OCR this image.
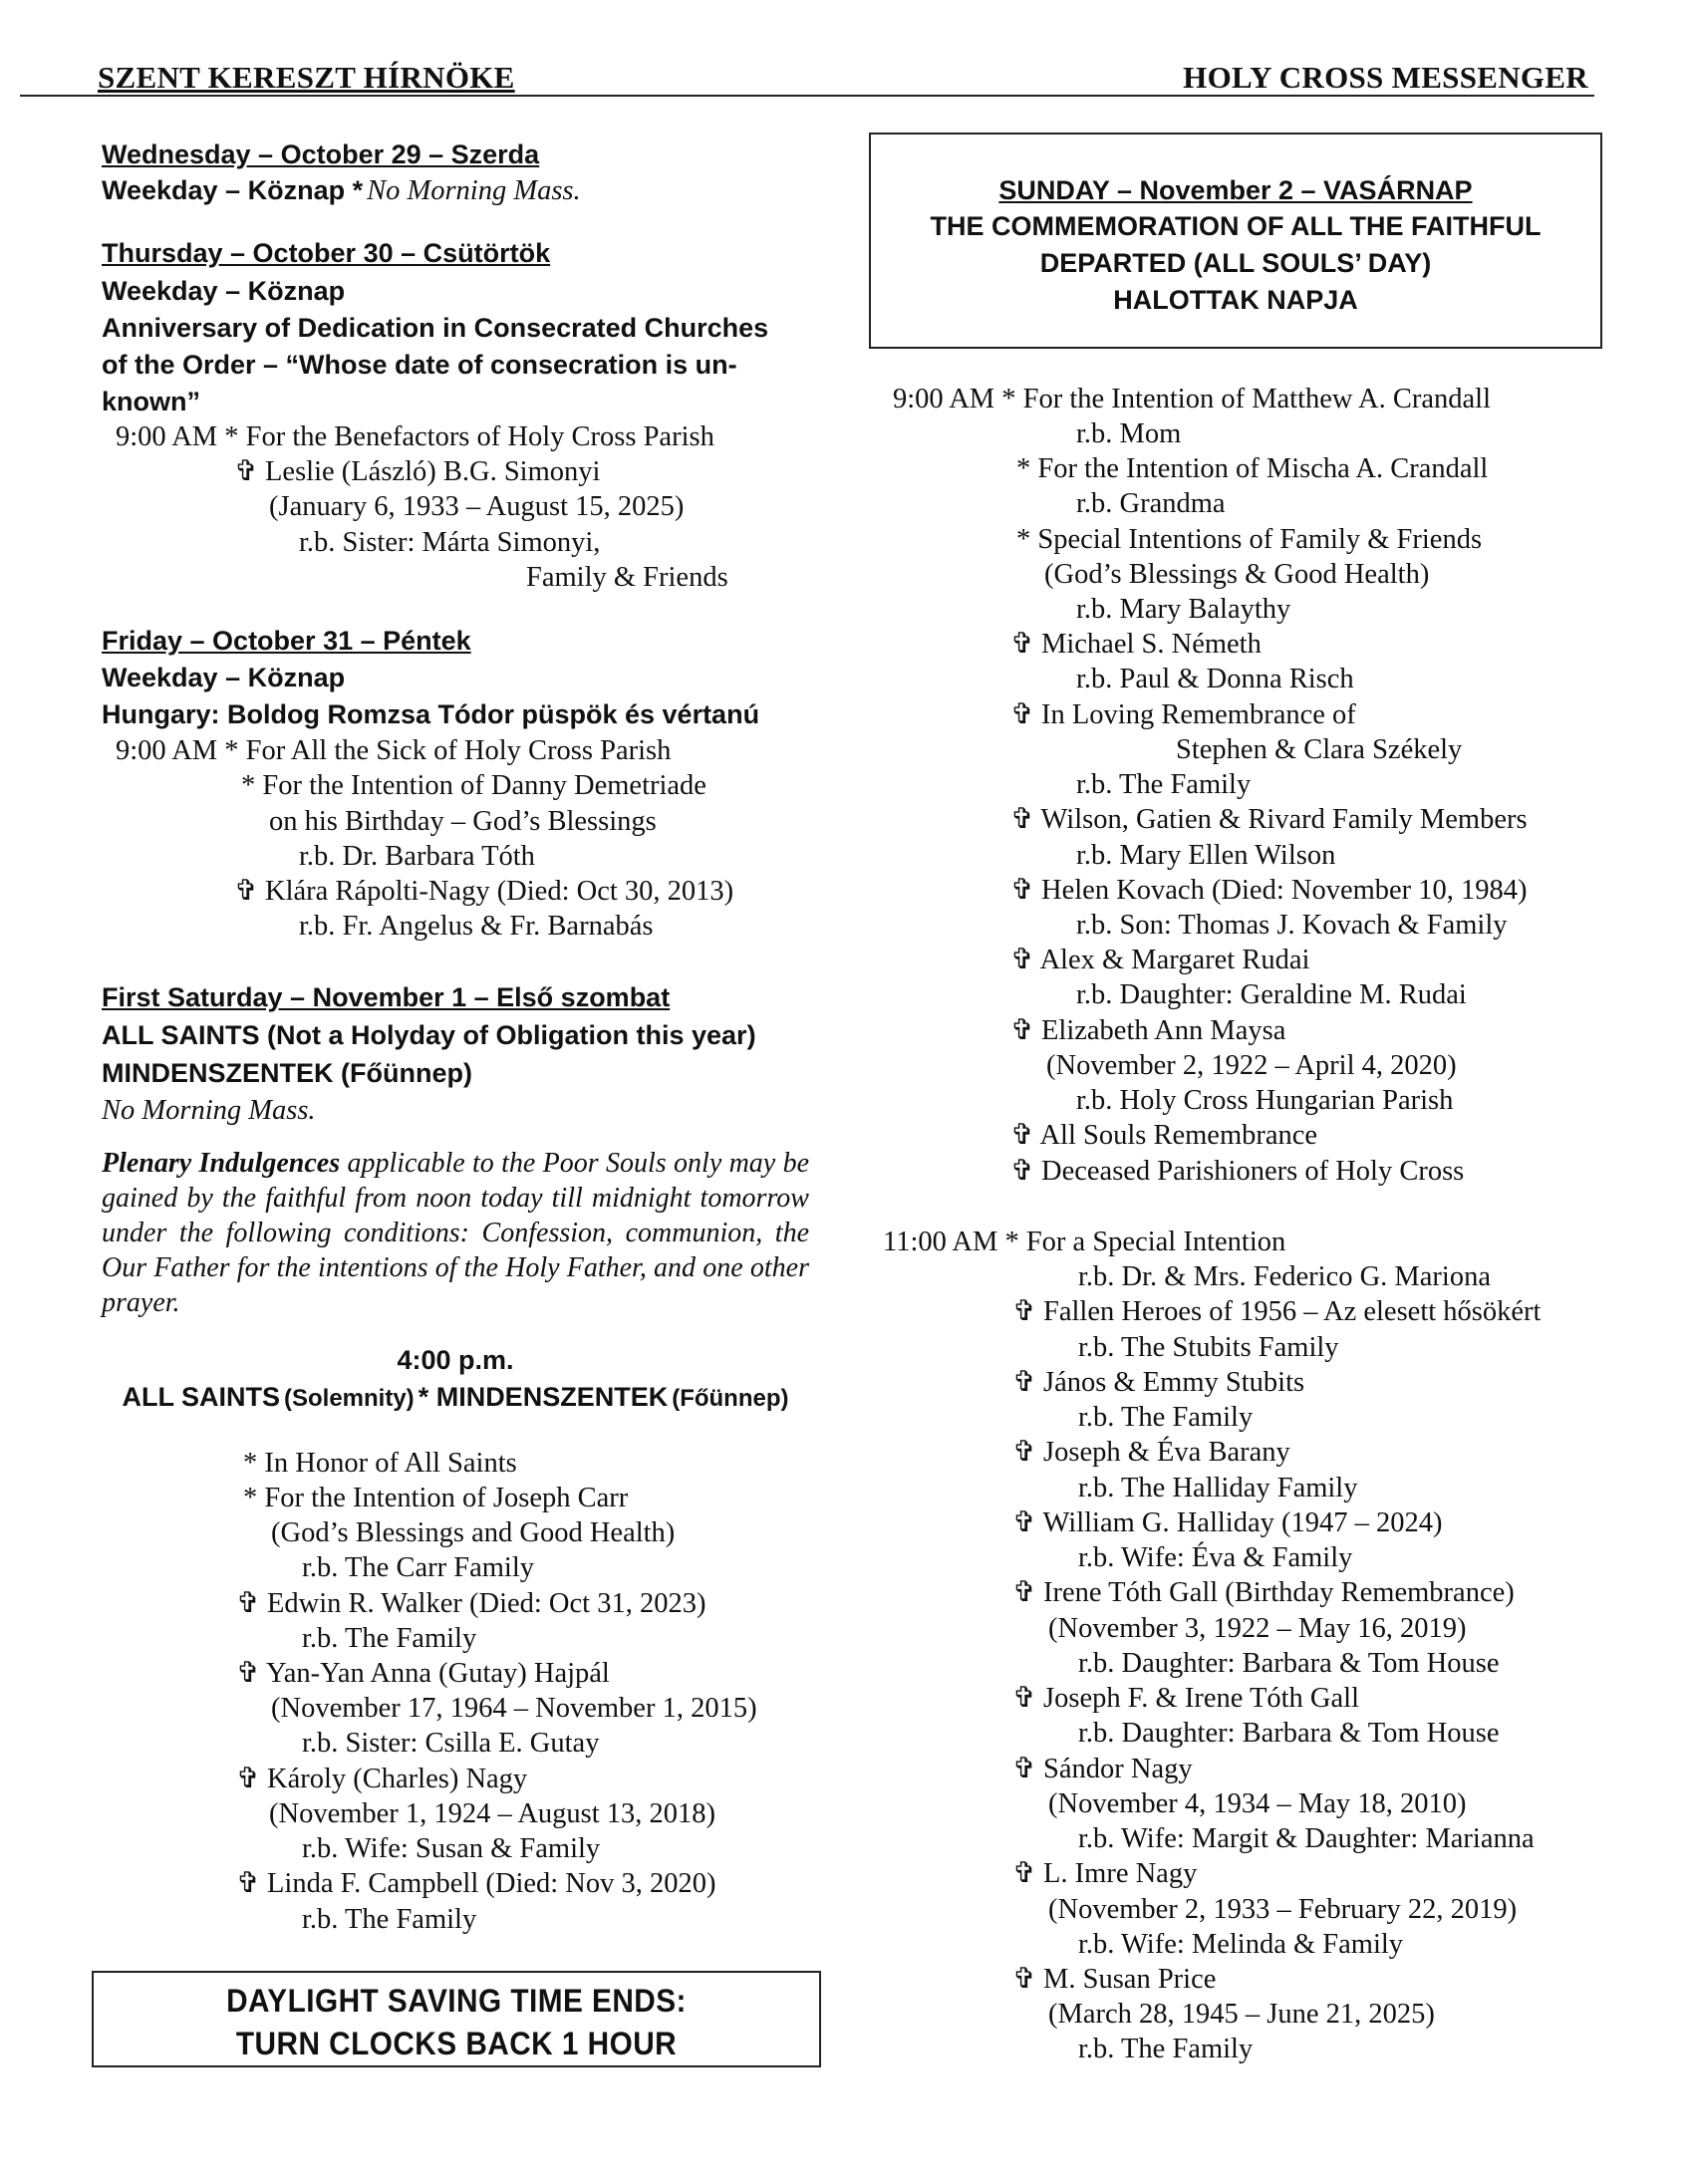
SZENT KERESZT HÍRNÖKE	HOLY CROSS MESSENGER
Wednesday – October 29 – Szerda
Weekday – Köznap * No Morning Mass.
Thursday – October 30 – Csütörtök
Weekday – Köznap
Anniversary of Dedication in Consecrated Churches
of the Order – “Whose date of consecration is un-
known”
9:00 AM * For the Benefactors of Holy Cross Parish
✞ Leslie (László) B.G. Simonyi
(January 6, 1933 – August 15, 2025)
r.b. Sister: Márta Simonyi,
Family & Friends
Friday – October 31 – Péntek
Weekday – Köznap
Hungary: Boldog Romzsa Tódor püspök és vértanú
9:00 AM * For All the Sick of Holy Cross Parish
* For the Intention of Danny Demetriade
on his Birthday – God’s Blessings
r.b. Dr. Barbara Tóth
✞ Klára Rápolti-Nagy (Died: Oct 30, 2013)
r.b. Fr. Angelus & Fr. Barnabás
First Saturday – November 1 – Első szombat
ALL SAINTS (Not a Holyday of Obligation this year)
MINDENSZENTEK (Főünnep)
No Morning Mass.
Plenary Indulgences applicable to the Poor Souls only may be gained by the faithful from noon today till midnight tomorrow under the following conditions: Confession, communion, the Our Father for the intentions of the Holy Father, and one other prayer.
4:00 p.m.
ALL SAINTS (Solemnity) * MINDENSZENTEK (Főünnep)
* In Honor of All Saints
* For the Intention of Joseph Carr
(God’s Blessings and Good Health)
r.b. The Carr Family
✞ Edwin R. Walker (Died: Oct 31, 2023)
r.b. The Family
✞ Yan-Yan Anna (Gutay) Hajpál
(November 17, 1964 – November 1, 2015)
r.b. Sister: Csilla E. Gutay
✞ Károly (Charles) Nagy
(November 1, 1924 – August 13, 2018)
r.b. Wife: Susan & Family
✞ Linda F. Campbell (Died: Nov 3, 2020)
r.b. The Family
DAYLIGHT SAVING TIME ENDS:
TURN CLOCKS BACK 1 HOUR
SUNDAY – November 2 – VASÁRNAP
THE COMMEMORATION OF ALL THE FAITHFUL
DEPARTED (ALL SOULS’ DAY)
HALOTTAK NAPJA
9:00 AM * For the Intention of Matthew A. Crandall
r.b. Mom
* For the Intention of Mischa A. Crandall
r.b. Grandma
* Special Intentions of Family & Friends
(God’s Blessings & Good Health)
r.b. Mary Balaythy
✞ Michael S. Németh
r.b. Paul & Donna Risch
✞ In Loving Remembrance of
Stephen & Clara Székely
r.b. The Family
✞ Wilson, Gatien & Rivard Family Members
r.b. Mary Ellen Wilson
✞ Helen Kovach (Died: November 10, 1984)
r.b. Son: Thomas J. Kovach & Family
✞ Alex & Margaret Rudai
r.b. Daughter: Geraldine M. Rudai
✞ Elizabeth Ann Maysa
(November 2, 1922 – April 4, 2020)
r.b. Holy Cross Hungarian Parish
✞ All Souls Remembrance
✞ Deceased Parishioners of Holy Cross
11:00 AM * For a Special Intention
r.b. Dr. & Mrs. Federico G. Mariona
✞ Fallen Heroes of 1956 – Az elesett hősökért
r.b. The Stubits Family
✞ János & Emmy Stubits
r.b. The Family
✞ Joseph & Éva Barany
r.b. The Halliday Family
✞ William G. Halliday (1947 – 2024)
r.b. Wife: Éva & Family
✞ Irene Tóth Gall (Birthday Remembrance)
(November 3, 1922 – May 16, 2019)
r.b. Daughter: Barbara & Tom House
✞ Joseph F. & Irene Tóth Gall
r.b. Daughter: Barbara & Tom House
✞ Sándor Nagy
(November 4, 1934 – May 18, 2010)
r.b. Wife: Margit & Daughter: Marianna
✞ L. Imre Nagy
(November 2, 1933 – February 22, 2019)
r.b. Wife: Melinda & Family
✞ M. Susan Price
(March 28, 1945 – June 21, 2025)
r.b. The Family
